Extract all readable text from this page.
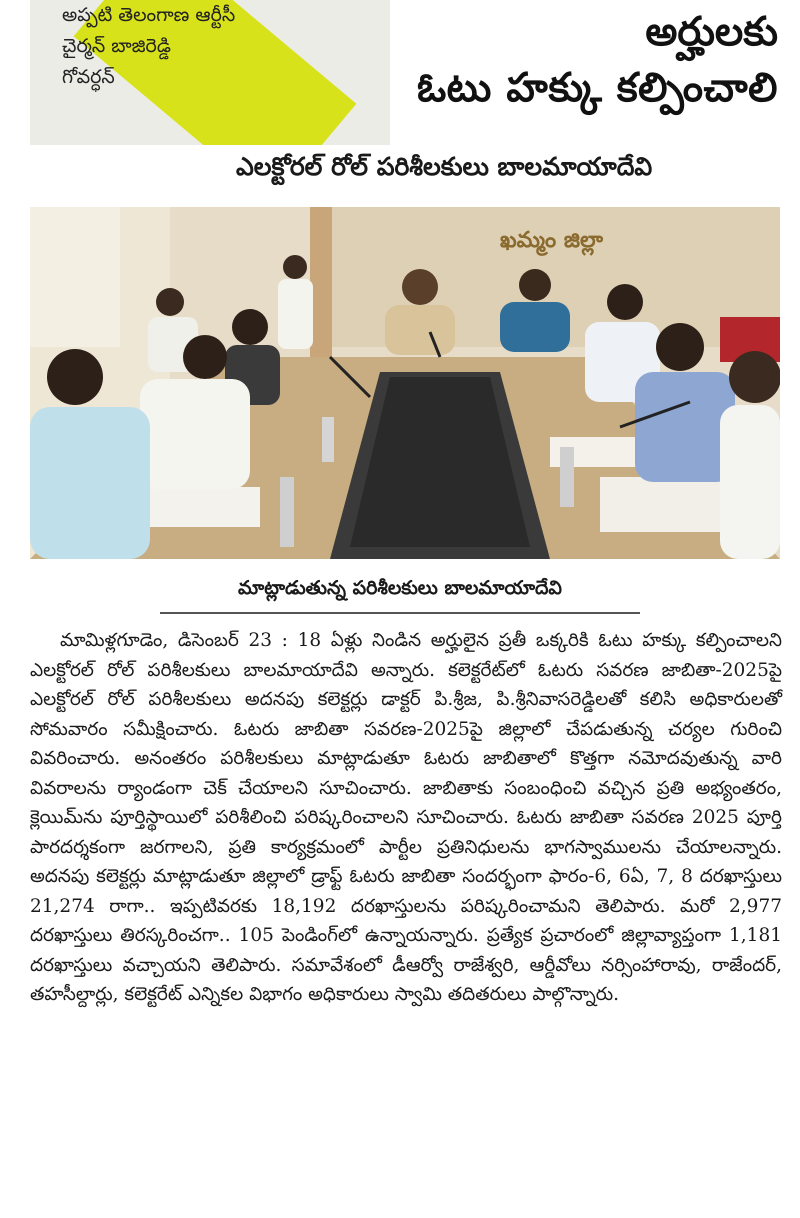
అప్పటి తెలంగాణ ఆర్టీసీ
చైర్మన్ బాజిరెడ్డి
గోవర్ధన్
అర్హులకు
ఓటు హక్కు కల్పించాలి
ఎలక్టోరల్ రోల్ పరిశీలకులు బాలమాయాదేవి
ఖమ్మం జిల్లా
మాట్లాడుతున్న పరిశీలకులు బాలమాయాదేవి

మామిళ్లగూడెం, డిసెంబర్ 23 : 18 ఏళ్లు నిండిన అర్హులైన ప్రతీ ఒక్కరికి ఓటు హక్కు కల్పించాలని ఎలక్టోరల్ రోల్ పరిశీలకులు బాలమాయాదేవి అన్నారు. కలెక్టరేట్‌లో ఓటరు సవరణ జాబితా-2025పై ఎలక్టోరల్ రోల్ పరిశీలకులు అదనపు కలెక్టర్లు డాక్టర్ పి.శ్రీజ, పి.శ్రీనివాసరెడ్డిలతో కలిసి అధికారులతో సోమవారం సమీక్షించారు. ఓటరు జాబితా సవరణ-2025పై జిల్లాలో చేపడుతున్న చర్యల గురించి వివరించారు. అనంతరం పరిశీలకులు మాట్లాడుతూ ఓటరు జాబితాలో కొత్తగా నమోదవుతున్న వారి వివరాలను ర్యాండంగా చెక్ చేయాలని సూచించారు. జాబితాకు సంబంధించి వచ్చిన ప్రతి అభ్యంతరం, క్లెయిమ్‌ను పూర్తిస్థాయిలో పరిశీలించి పరిష్కరించాలని సూచించారు. ఓటరు జాబితా సవరణ 2025 పూర్తి పారదర్శకంగా జరగాలని, ప్రతి కార్యక్రమంలో పార్టీల ప్రతినిధులను భాగస్వాములను చేయాలన్నారు. అదనపు కలెక్టర్లు మాట్లాడుతూ జిల్లాలో డ్రాఫ్ట్ ఓటరు జాబితా సందర్భంగా ఫారం-6, 6ఏ, 7, 8 దరఖాస్తులు 21,274 రాగా.. ఇప్పటివరకు 18,192 దరఖాస్తులను పరిష్కరించామని తెలిపారు. మరో 2,977 దరఖాస్తులు తిరస్కరించగా.. 105 పెండింగ్‌లో ఉన్నాయన్నారు. ప్రత్యేక ప్రచారంలో జిల్లావ్యాప్తంగా 1,181 దరఖాస్తులు వచ్చాయని తెలిపారు. సమావేశంలో డీఆర్వో రాజేశ్వరి, ఆర్డీవోలు నర్సింహారావు, రాజేందర్, తహసీల్దార్లు, కలెక్టరేట్ ఎన్నికల విభాగం అధికారులు స్వామి తదితరులు పాల్గొన్నారు.
